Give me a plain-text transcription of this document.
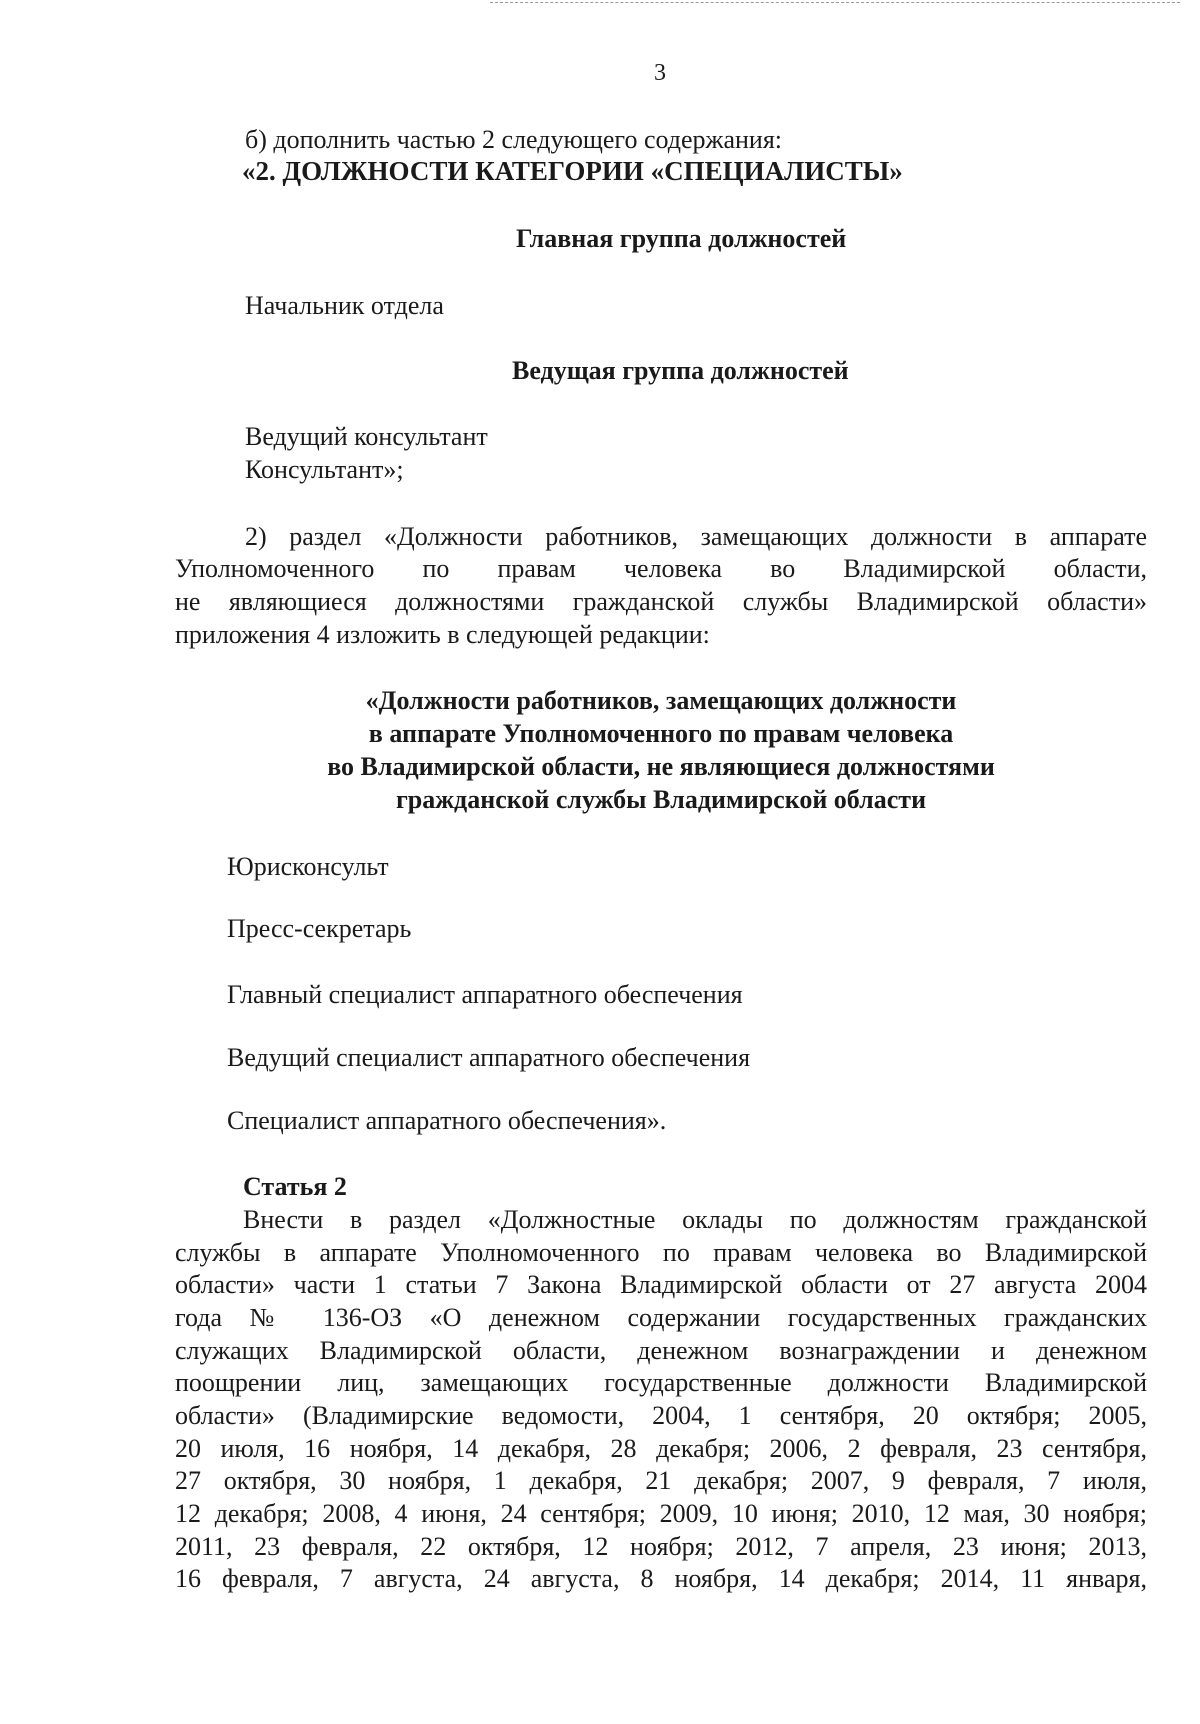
3
б) дополнить частью 2 следующего содержания:
«2. ДОЛЖНОСТИ КАТЕГОРИИ «СПЕЦИАЛИСТЫ»
Главная группа должностей
Начальник отдела
Ведущая группа должностей
Ведущий консультант
Консультант»;
2) раздел «Должности работников, замещающих должности в аппарате
Уполномоченного по правам человека во Владимирской области,
не являющиеся должностями гражданской службы Владимирской области»
приложения 4 изложить в следующей редакции:
«Должности работников, замещающих должности
в аппарате Уполномоченного по правам человека
во Владимирской области, не являющиеся должностями
гражданской службы Владимирской области
Юрисконсульт
Пресс-секретарь
Главный специалист аппаратного обеспечения
Ведущий специалист аппаратного обеспечения
Специалист аппаратного обеспечения».
Статья 2
Внести в раздел «Должностные оклады по должностям гражданской
службы в аппарате Уполномоченного по правам человека во Владимирской
области» части 1 статьи 7 Закона Владимирской области от 27 августа 2004
года № 136-ОЗ «О денежном содержании государственных гражданских
служащих Владимирской области, денежном вознаграждении и денежном
поощрении лиц, замещающих государственные должности Владимирской
области» (Владимирские ведомости, 2004, 1 сентября, 20 октября; 2005,
20 июля, 16 ноября, 14 декабря, 28 декабря; 2006, 2 февраля, 23 сентября,
27 октября, 30 ноября, 1 декабря, 21 декабря; 2007, 9 февраля, 7 июля,
12 декабря; 2008, 4 июня, 24 сентября; 2009, 10 июня; 2010, 12 мая, 30 ноября;
2011, 23 февраля, 22 октября, 12 ноября; 2012, 7 апреля, 23 июня; 2013,
16 февраля, 7 августа, 24 августа, 8 ноября, 14 декабря; 2014, 11 января,
